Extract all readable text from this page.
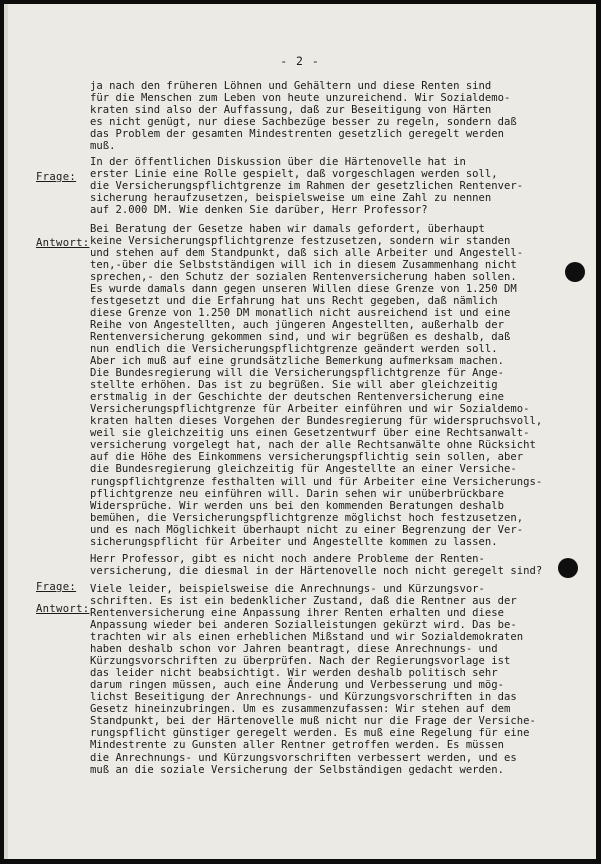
- 2 -
Frage:
Antwort:
Frage:
Antwort:
ja nach den früheren Löhnen und Gehältern und diese Renten sind
für die Menschen zum Leben von heute unzureichend. Wir Sozialdemo-
kraten sind also der Auffassung, daß zur Beseitigung von Härten
es nicht genügt, nur diese Sachbezüge besser zu regeln, sondern daß
das Problem der gesamten Mindestrenten gesetzlich geregelt werden
muß.
In der öffentlichen Diskussion über die Härtenovelle hat in
erster Linie eine Rolle gespielt, daß vorgeschlagen werden soll,
die Versicherungspflichtgrenze im Rahmen der gesetzlichen Rentenver-
sicherung heraufzusetzen, beispielsweise um eine Zahl zu nennen
auf 2.000 DM. Wie denken Sie darüber, Herr Professor?
Bei Beratung der Gesetze haben wir damals gefordert, überhaupt
keine Versicherungspflichtgrenze festzusetzen, sondern wir standen
und stehen auf dem Standpunkt, daß sich alle Arbeiter und Angestell-
ten,-über die Selbstständigen will ich in diesem Zusammenhang nicht
sprechen,- den Schutz der sozialen Rentenversicherung haben sollen.
Es wurde damals dann gegen unseren Willen diese Grenze von 1.250 DM
festgesetzt und die Erfahrung hat uns Recht gegeben, daß nämlich
diese Grenze von 1.250 DM monatlich nicht ausreichend ist und eine
Reihe von Angestellten, auch jüngeren Angestellten, außerhalb der
Rentenversicherung gekommen sind, und wir begrüßen es deshalb, daß
nun endlich die Versicherungspflichtgrenze geändert werden soll.
Aber ich muß auf eine grundsätzliche Bemerkung aufmerksam machen.
Die Bundesregierung will die Versicherungspflichtgrenze für Ange-
stellte erhöhen. Das ist zu begrüßen. Sie will aber gleichzeitig
erstmalig in der Geschichte der deutschen Rentenversicherung eine
Versicherungspflichtgrenze für Arbeiter einführen und wir Sozialdemo-
kraten halten dieses Vorgehen der Bundesregierung für widerspruchsvoll,
weil sie gleichzeitig uns einen Gesetzentwurf über eine Rechtsanwalt-
versicherung vorgelegt hat, nach der alle Rechtsanwälte ohne Rücksicht
auf die Höhe des Einkommens versicherungspflichtig sein sollen, aber
die Bundesregierung gleichzeitig für Angestellte an einer Versiche-
rungspflichtgrenze festhalten will und für Arbeiter eine Versicherungs-
pflichtgrenze neu einführen will. Darin sehen wir unüberbrückbare
Widersprüche. Wir werden uns bei den kommenden Beratungen deshalb
bemühen, die Versicherungspflichtgrenze möglichst hoch festzusetzen,
und es nach Möglichkeit überhaupt nicht zu einer Begrenzung der Ver-
sicherungspflicht für Arbeiter und Angestellte kommen zu lassen.
Herr Professor, gibt es nicht noch andere Probleme der Renten-
versicherung, die diesmal in der Härtenovelle noch nicht geregelt sind?
Viele leider, beispielsweise die Anrechnungs- und Kürzungsvor-
schriften. Es ist ein bedenklicher Zustand, daß die Rentner aus der
Rentenversicherung eine Anpassung ihrer Renten erhalten und diese
Anpassung wieder bei anderen Sozialleistungen gekürzt wird. Das be-
trachten wir als einen erheblichen Mißstand und wir Sozialdemokraten
haben deshalb schon vor Jahren beantragt, diese Anrechnungs- und
Kürzungsvorschriften zu überprüfen. Nach der Regierungsvorlage ist
das leider nicht beabsichtigt. Wir werden deshalb politisch sehr
darum ringen müssen, auch eine Änderung und Verbesserung und mög-
lichst Beseitigung der Anrechnungs- und Kürzungsvorschriften in das
Gesetz hineinzubringen. Um es zusammenzufassen: Wir stehen auf dem
Standpunkt, bei der Härtenovelle muß nicht nur die Frage der Versiche-
rungspflicht günstiger geregelt werden. Es muß eine Regelung für eine
Mindestrente zu Gunsten aller Rentner getroffen werden. Es müssen
die Anrechnungs- und Kürzungsvorschriften verbessert werden, und es
muß an die soziale Versicherung der Selbständigen gedacht werden.
